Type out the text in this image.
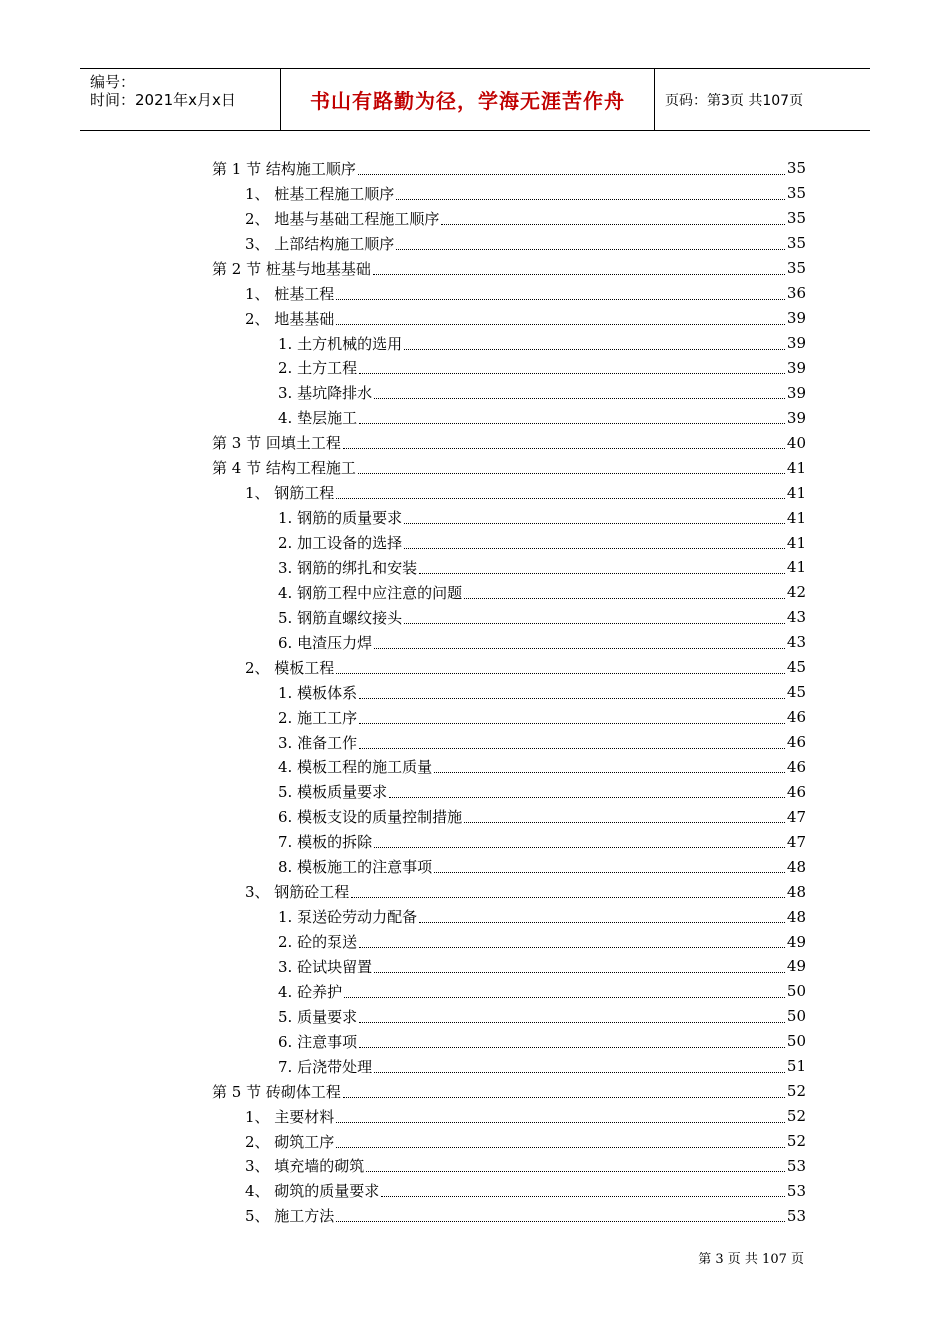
编号：
时间：2021年x月x日	书山有路勤为径，学海无涯苦作舟	页码：第3页 共107页
第 1 节 结构施工顺序	35
1、 桩基工程施工顺序	35
2、 地基与基础工程施工顺序	35
3、 上部结构施工顺序	35
第 2 节 桩基与地基基础	35
1、 桩基工程	36
2、 地基基础	39
1. 土方机械的选用	39
2. 土方工程	39
3. 基坑降排水	39
4. 垫层施工	39
第 3 节 回填土工程	40
第 4 节 结构工程施工	41
1、 钢筋工程	41
1. 钢筋的质量要求	41
2. 加工设备的选择	41
3. 钢筋的绑扎和安装	41
4. 钢筋工程中应注意的问题	42
5. 钢筋直螺纹接头	43
6. 电渣压力焊	43
2、 模板工程	45
1. 模板体系	45
2. 施工工序	46
3. 准备工作	46
4. 模板工程的施工质量	46
5. 模板质量要求	46
6. 模板支设的质量控制措施	47
7. 模板的拆除	47
8. 模板施工的注意事项	48
3、 钢筋砼工程	48
1. 泵送砼劳动力配备	48
2. 砼的泵送	49
3. 砼试块留置	49
4. 砼养护	50
5. 质量要求	50
6. 注意事项	50
7. 后浇带处理	51
第 5 节 砖砌体工程	52
1、 主要材料	52
2、 砌筑工序	52
3、 填充墙的砌筑	53
4、 砌筑的质量要求	53
5、 施工方法	53
第 3 页 共 107 页
